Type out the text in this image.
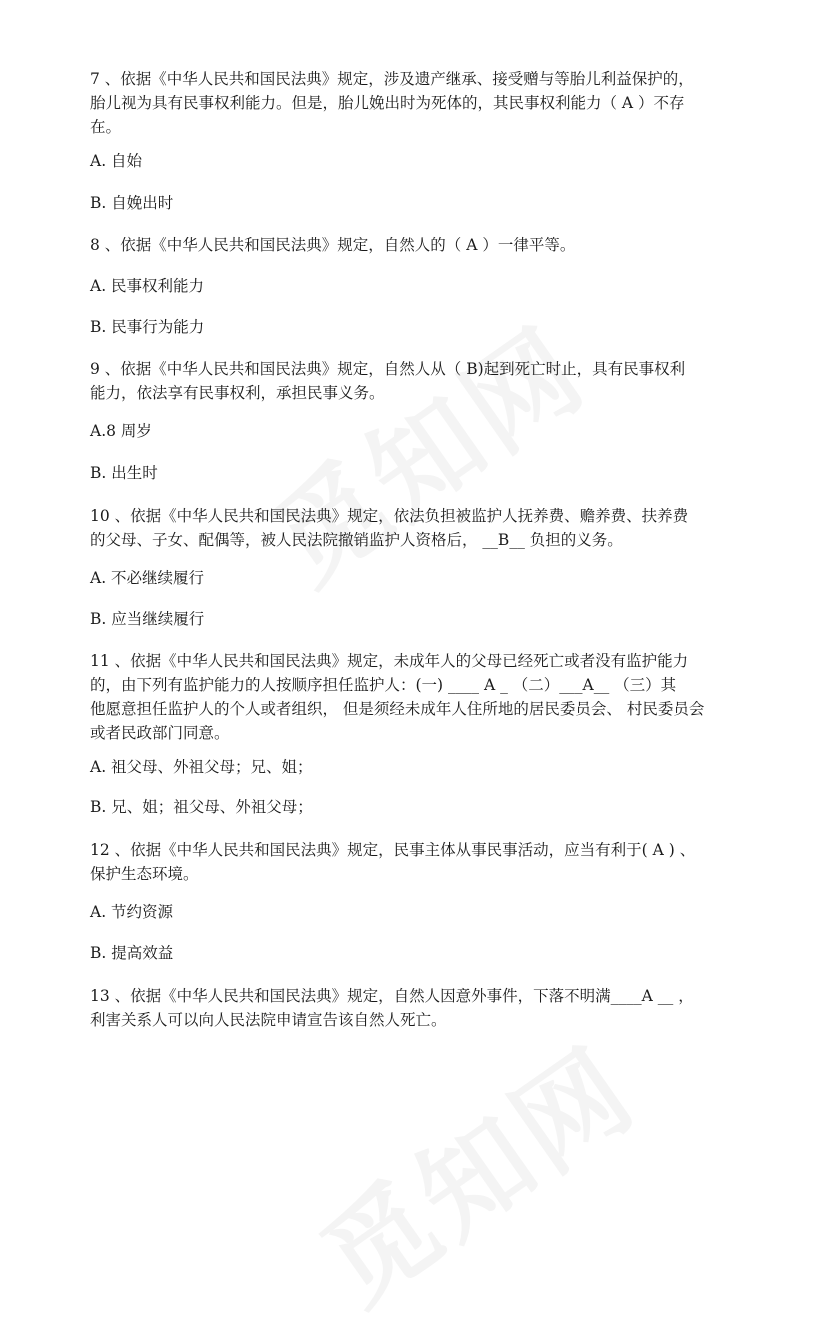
7 、依据《中华人民共和国民法典》规定，涉及遗产继承、接受赠与等胎儿利益保护的，
胎儿视为具有民事权利能力。但是，胎儿娩出时为死体的，其民事权利能力（ A ）不存
在。
A. 自始
B. 自娩出时
8 、依据《中华人民共和国民法典》规定，自然人的（ A ）一律平等。
A. 民事权利能力
B. 民事行为能力
9 、依据《中华人民共和国民法典》规定，自然人从（ B)起到死亡时止，具有民事权利
能力，依法享有民事权利，承担民事义务。
A.8 周岁
B. 出生时
10 、依据《中华人民共和国民法典》规定，依法负担被监护人抚养费、赡养费、扶养费
的父母、子女、配偶等，被人民法院撤销监护人资格后， __B__ 负担的义务。
A. 不必继续履行
B. 应当继续履行
11 、依据《中华人民共和国民法典》规定，未成年人的父母已经死亡或者没有监护能力
的，由下列有监护能力的人按顺序担任监护人：(一) ____ A _ （二）___A__ （三）其
他愿意担任监护人的个人或者组织， 但是须经未成年人住所地的居民委员会、 村民委员会
或者民政部门同意。
A. 祖父母、外祖父母；兄、姐；
B. 兄、姐；祖父母、外祖父母；
12 、依据《中华人民共和国民法典》规定，民事主体从事民事活动，应当有利于( A ) 、
保护生态环境。
A. 节约资源
B. 提高效益
13 、依据《中华人民共和国民法典》规定，自然人因意外事件，下落不明满____A __ ，
利害关系人可以向人民法院申请宣告该自然人死亡。
